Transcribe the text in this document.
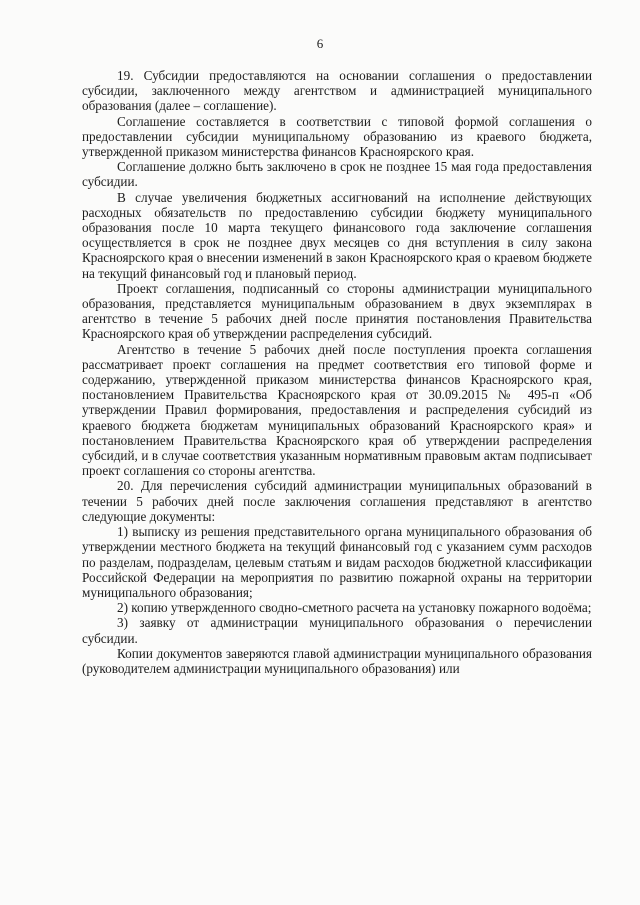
6

19. Субсидии предоставляются на основании соглашения о предоставлении субсидии, заключенного между агентством и администрацией муниципального образования (далее – соглашение).

Соглашение составляется в соответствии с типовой формой соглашения о предоставлении субсидии муниципальному образованию из краевого бюджета, утвержденной приказом министерства финансов Красноярского края.

Соглашение должно быть заключено в срок не позднее 15 мая года предоставления субсидии.

В случае увеличения бюджетных ассигнований на исполнение действующих расходных обязательств по предоставлению субсидии бюджету муниципального образования после 10 марта текущего финансового года заключение соглашения осуществляется в срок не позднее двух месяцев со дня вступления в силу закона Красноярского края о внесении изменений в закон Красноярского края о краевом бюджете на текущий финансовый год и плановый период.

Проект соглашения, подписанный со стороны администрации муниципального образования, представляется муниципальным образованием в двух экземплярах в агентство в течение 5 рабочих дней после принятия постановления Правительства Красноярского края об утверждении распределения субсидий.

Агентство в течение 5 рабочих дней после поступления проекта соглашения рассматривает проект соглашения на предмет соответствия его типовой форме и содержанию, утвержденной приказом министерства финансов Красноярского края, постановлением Правительства Красноярского края от 30.09.2015 № 495-п «Об утверждении Правил формирования, предоставления и распределения субсидий из краевого бюджета бюджетам муниципальных образований Красноярского края» и постановлением Правительства Красноярского края об утверждении распределения субсидий, и в случае соответствия указанным нормативным правовым актам подписывает проект соглашения со стороны агентства.

20. Для перечисления субсидий администрации муниципальных образований в течении 5 рабочих дней после заключения соглашения представляют в агентство следующие документы:

1) выписку из решения представительного органа муниципального образования об утверждении местного бюджета на текущий финансовый год с указанием сумм расходов по разделам, подразделам, целевым статьям и видам расходов бюджетной классификации Российской Федерации на мероприятия по развитию пожарной охраны на территории муниципального образования;

2) копию утвержденного сводно-сметного расчета на установку пожарного водоёма;

3) заявку от администрации муниципального образования о перечислении субсидии.

Копии документов заверяются главой администрации муниципального образования (руководителем администрации муниципального образования) или
